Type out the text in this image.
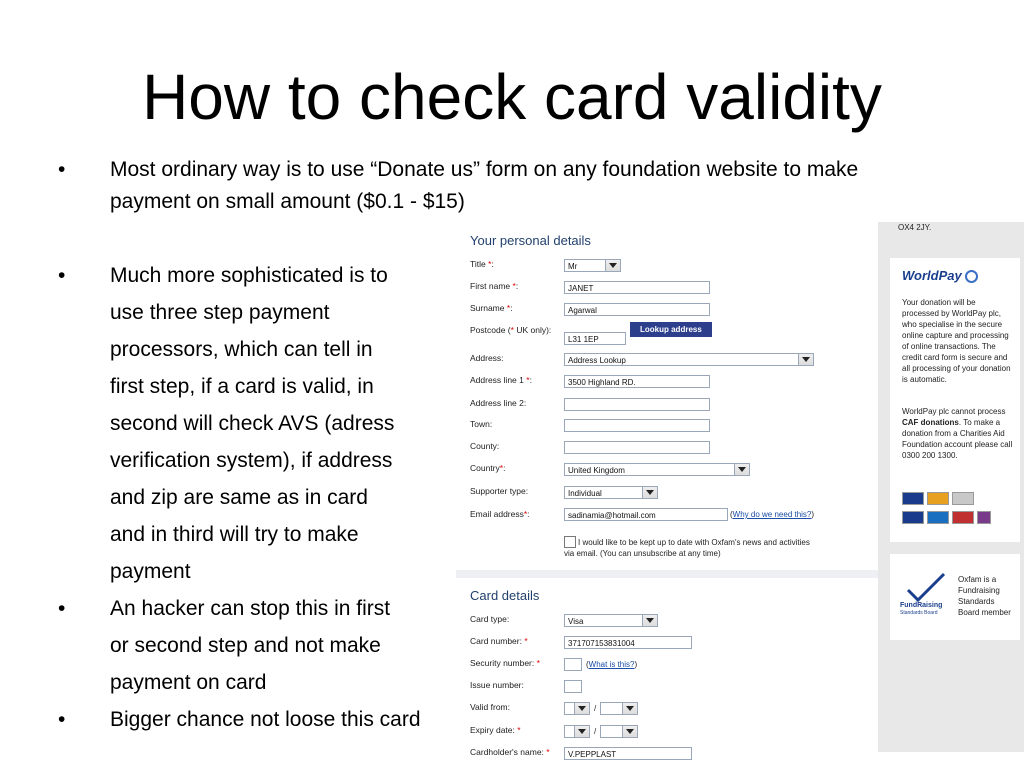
How to check card validity
• Most ordinary way is to use “Donate us” form on any foundation website to make
payment on small amount ($0.1 - $15)
• Much more sophisticated is to
use three step payment
processors, which can tell in
first step, if a card is valid, in
second will check AVS (adress
verification system), if address
and zip are same as in card
and in third will try to make
payment
• An hacker can stop this in first
or second step and not make
payment on card
• Bigger chance not loose this card
Your personal details
Title *:	Mr
First name *:	JANET
Surname *:	Agarwal
Postcode (* UK only):
L31 1EP
Lookup address
Address:	Address Lookup
Address line 1 *:	3500 Highland RD.
Address line 2:
Town:
County:
Country*:	United Kingdom
Supporter type:	Individual
Email address*:	sadinamia@hotmail.com	(Why do we need this?)
I would like to be kept up to date with Oxfam's news and activities
via email. (You can unsubscribe at any time)
Card details
Card type:	Visa
Card number: *	371707153831004
Security number: *	(What is this?)
Issue number:
Valid from:	/
Expiry date: *	/
Cardholder's name: *	V.PEPPLAST
OX4 2JY.
WorldPay
Your donation will be processed by WorldPay plc, who specialise in the secure online capture and processing of online transactions. The credit card form is secure and all processing of your donation is automatic.
WorldPay plc cannot process CAF donations. To make a donation from a Charities Aid Foundation account please call 0300 200 1300.
FundRaising
Standards Board
Oxfam is a Fundraising Standards Board member
